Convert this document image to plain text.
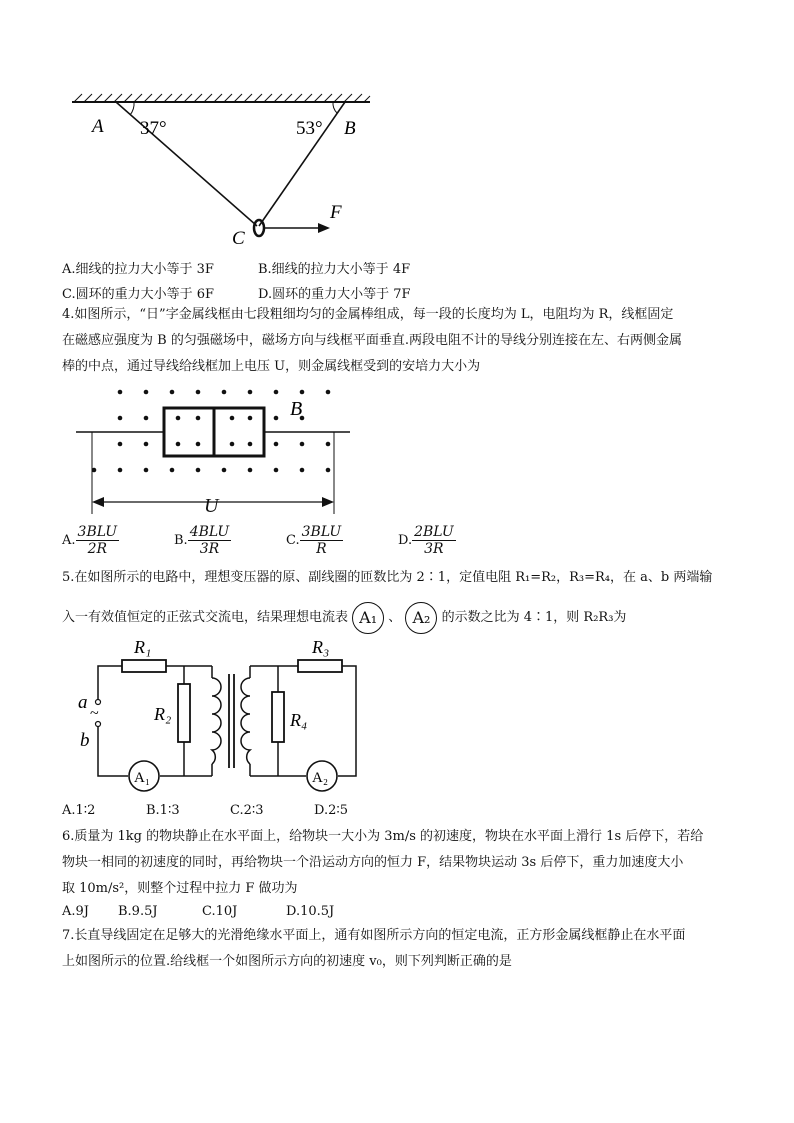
A 37°	53° B
C
F
A.细线的拉力大小等于 3F	B.细线的拉力大小等于 4F
C.圆环的重力大小等于 6F	D.圆环的重力大小等于 7F
4.如图所示，“日”字金属线框由七段粗细均匀的金属棒组成，每一段的长度均为 L，电阻均为 R，线框固定
在磁感应强度为 B 的匀强磁场中，磁场方向与线框平面垂直.两段电阻不计的导线分别连接在左、右两侧金属
棒的中点，通过导线给线框加上电压 U，则金属线框受到的安培力大小为
B
U
A. $\frac{\text{3BLU}}{2R}$	B. $\frac{\text{4BLU}}{3R}$	C. $\frac{\text{3BLU}}{R}$	D. $\frac{\text{2BLU}}{3R}$
5.在如图所示的电路中，理想变压器的原、副线圈的匝数比为 2∶1，定值电阻 R₁=R₂，R₃=R₄，在 a、b 两端输
入一有效值恒定的正弦式交流电，结果理想电流表 A₁ 、 A₂ 的示数之比为 4∶1，则 R₂R₃为
R₁
R₂
R₃
R₄
a
~
b
A₁	A₂
A.1∶2	B.1∶3	C.2∶3	D.2∶5
6.质量为 1kg 的物块静止在水平面上，给物块一大小为 3m/s 的初速度，物块在水平面上滑行 1s 后停下，若给
物块一相同的初速度的同时，再给物块一个沿运动方向的恒力 F，结果物块运动 3s 后停下，重力加速度大小
取 10m/s²，则整个过程中拉力 F 做功为
A.9J B.9.5J	C.10J	D.10.5J
7.长直导线固定在足够大的光滑绝缘水平面上，通有如图所示方向的恒定电流，正方形金属线框静止在水平面
上如图所示的位置.给线框一个如图所示方向的初速度 v₀，则下列判断正确的是
